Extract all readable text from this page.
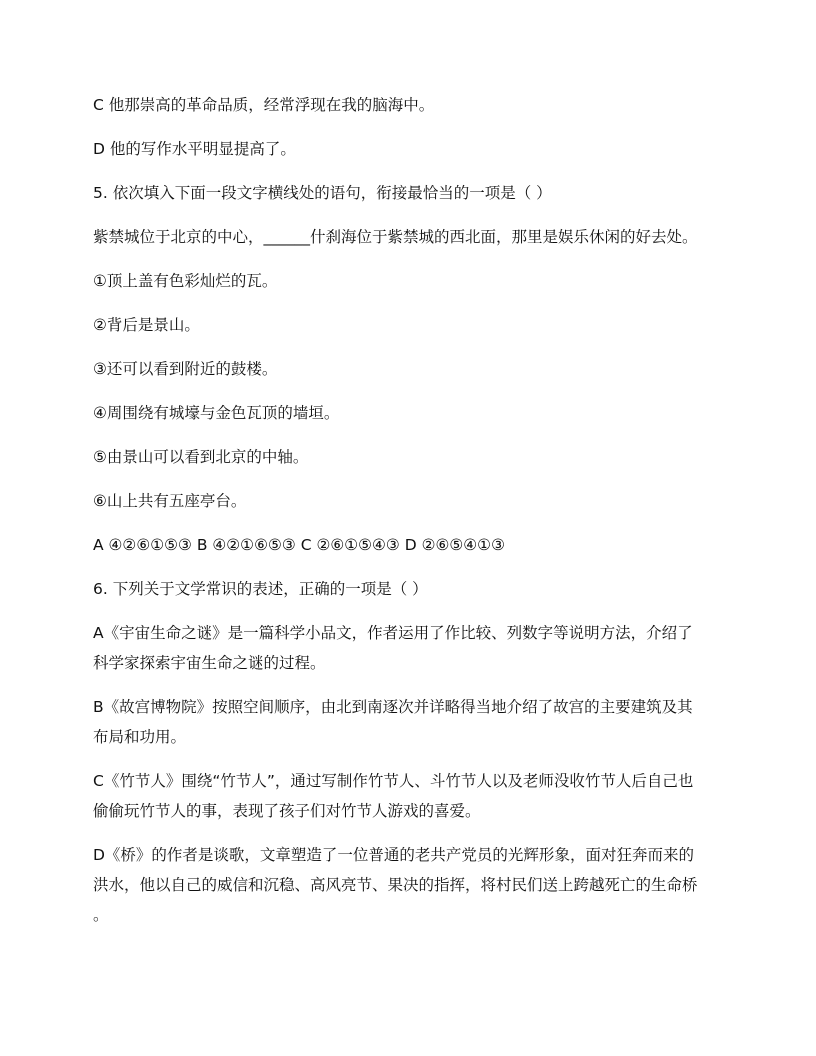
C 他那崇高的革命品质，经常浮现在我的脑海中。

D 他的写作水平明显提高了。

5. 依次填入下面一段文字横线处的语句，衔接最恰当的一项是（ ）

紫禁城位于北京的中心，______什刹海位于紫禁城的西北面，那里是娱乐休闲的好去处。

①顶上盖有色彩灿烂的瓦。

②背后是景山。

③还可以看到附近的鼓楼。

④周围绕有城壕与金色瓦顶的墙垣。

⑤由景山可以看到北京的中轴。

⑥山上共有五座亭台。

A ④②⑥①⑤③ B ④②①⑥⑤③ C ②⑥①⑤④③ D ②⑥⑤④①③

6. 下列关于文学常识的表述，正确的一项是（ ）

A《宇宙生命之谜》是一篇科学小品文，作者运用了作比较、列数字等说明方法，介绍了

科学家探索宇宙生命之谜的过程。

B《故宫博物院》按照空间顺序，由北到南逐次并详略得当地介绍了故宫的主要建筑及其

布局和功用。

C《竹节人》围绕“竹节人”，通过写制作竹节人、斗竹节人以及老师没收竹节人后自己也

偷偷玩竹节人的事，表现了孩子们对竹节人游戏的喜爱。

D《桥》的作者是谈歌，文章塑造了一位普通的老共产党员的光辉形象，面对狂奔而来的

洪水，他以自己的威信和沉稳、高风亮节、果决的指挥，将村民们送上跨越死亡的生命桥

。
